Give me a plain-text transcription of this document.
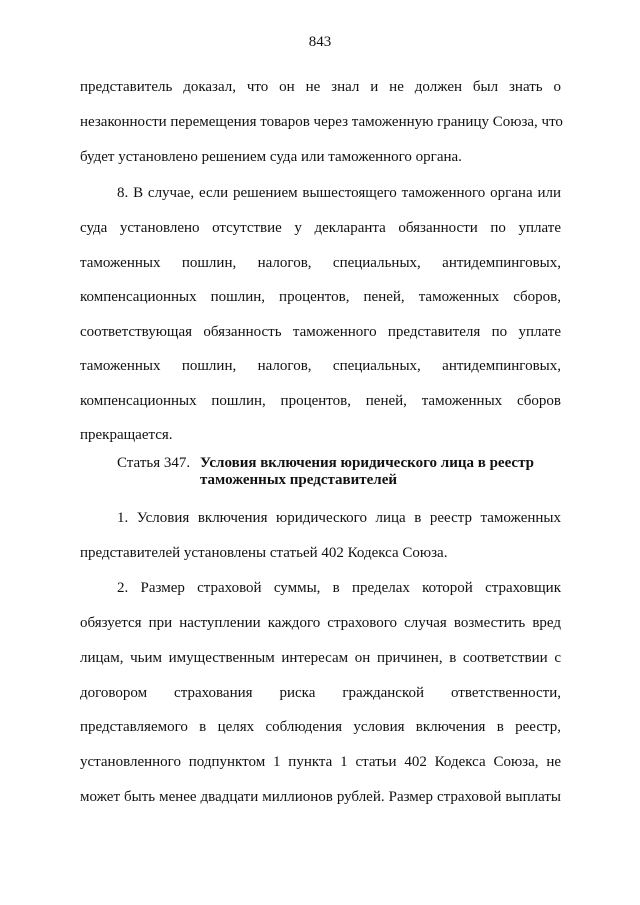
843
представитель доказал, что он не знал и не должен был знать о
незаконности перемещения товаров через таможенную границу Союза, что
будет установлено решением суда или таможенного органа.
8. В случае, если решением вышестоящего таможенного органа или
суда установлено отсутствие у декларанта обязанности по уплате
таможенных пошлин, налогов, специальных, антидемпинговых,
компенсационных пошлин, процентов, пеней, таможенных сборов,
соответствующая обязанность таможенного представителя по уплате
таможенных пошлин, налогов, специальных, антидемпинговых,
компенсационных пошлин, процентов, пеней, таможенных сборов
прекращается.
Статья 347. Условия включения юридического лица в реестр таможенных представителей
1. Условия включения юридического лица в реестр таможенных
представителей установлены статьей 402 Кодекса Союза.
2. Размер страховой суммы, в пределах которой страховщик
обязуется при наступлении каждого страхового случая возместить вред
лицам, чьим имущественным интересам он причинен, в соответствии с
договором страхования риска гражданской ответственности,
представляемого в целях соблюдения условия включения в реестр,
установленного подпунктом 1 пункта 1 статьи 402 Кодекса Союза, не
может быть менее двадцати миллионов рублей. Размер страховой выплаты
